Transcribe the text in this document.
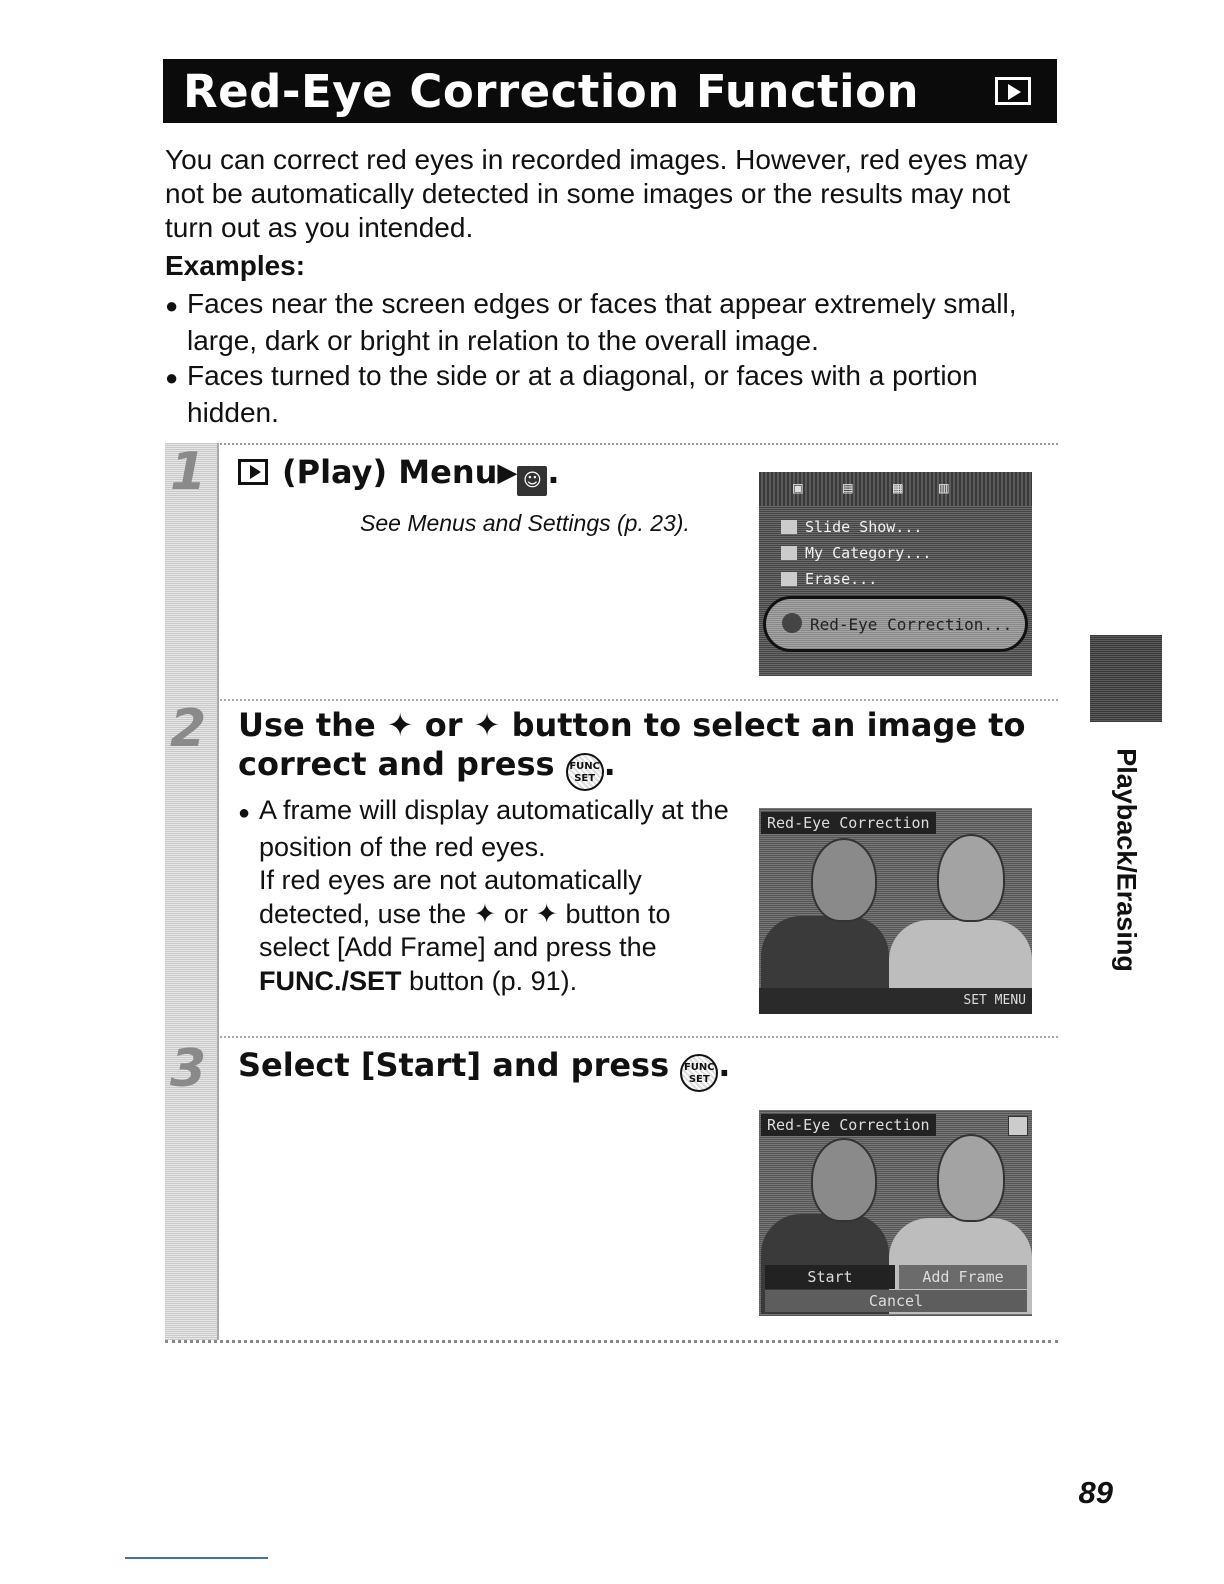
Red-Eye Correction Function

You can correct red eyes in recorded images. However, red eyes may not be automatically detected in some images or the results may not turn out as you intended.

Examples:

● Faces near the screen edges or faces that appear extremely small, large, dark or bright in relation to the overall image.
● Faces turned to the side or at a diagonal, or faces with a portion hidden.
1	(Play) Menu▶ ☺ .

See Menus and Settings (p. 23).

▣	▤	▦ ▥
Slide Show...
My Category...
Erase...
Red-Eye Correction...
2 Use the ✦ or ✦ button to select an image to correct and press FUNC SET .
● A frame will display automatically at the position of the red eyes.
If red eyes are not automatically detected, use the ✦ or ✦ button to select [Add Frame] and press the FUNC./SET button (p. 91).
Red-Eye Correction
SET MENU
3 Select [Start] and press FUNC SET .
Red-Eye Correction
Start	Add Frame
Cancel
Playback/Erasing
89
